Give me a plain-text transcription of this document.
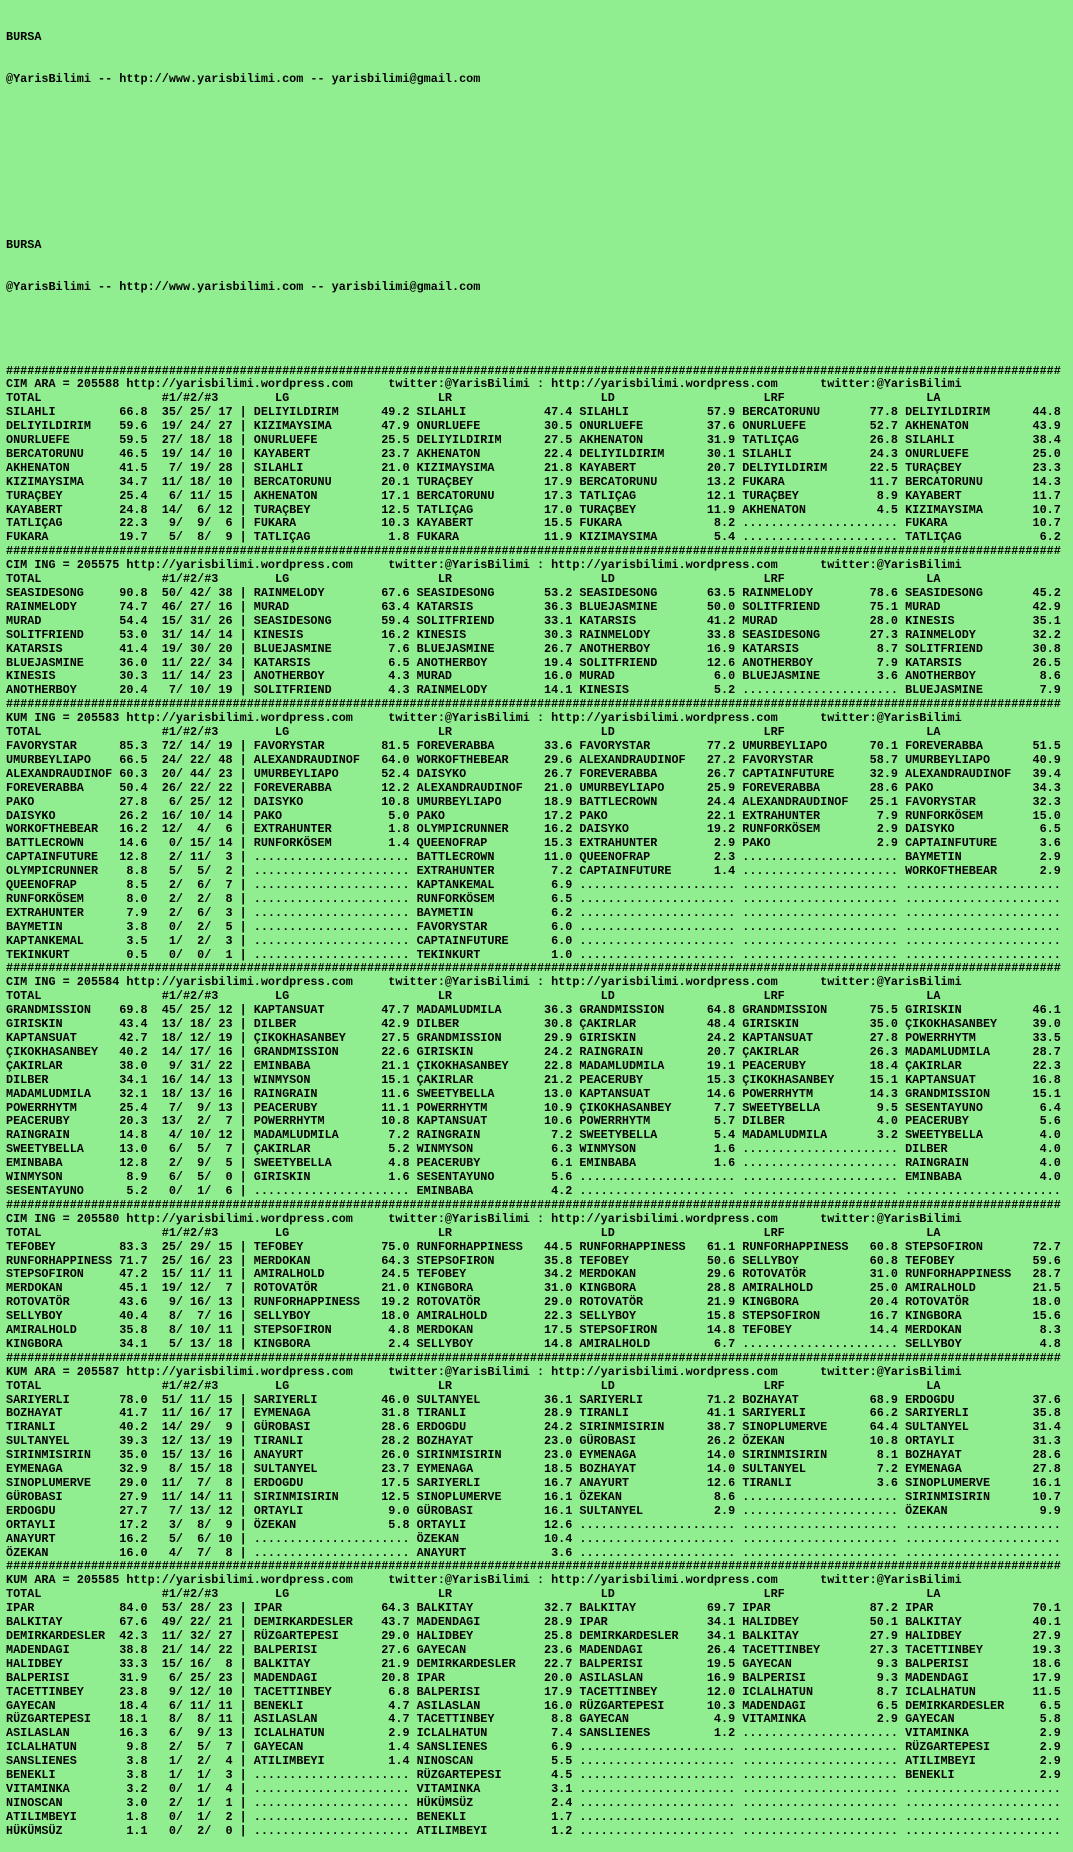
BURSA

@YarisBilimi -- http://www.yarisbilimi.com -- yarisbilimi@gmail.com

BURSA

@YarisBilimi -- http://www.yarisbilimi.com -- yarisbilimi@gmail.com

#####################################################################################################################################################
CIM ARA = 205588 http://yarisbilimi.wordpress.com     twitter:@YarisBilimi : http://yarisbilimi.wordpress.com      twitter:@YarisBilimi
TOTAL                 #1/#2/#3        LG                     LR                     LD                     LRF                    LA
SILAHLI         66.8  35/ 25/ 17 | DELIYILDIRIM      49.2 SILAHLI           47.4 SILAHLI           57.9 BERCATORUNU       77.8 DELIYILDIRIM      44.8
DELIYILDIRIM    59.6  19/ 24/ 27 | KIZIMAYSIMA       47.9 ONURLUEFE         30.5 ONURLUEFE         37.6 ONURLUEFE         52.7 AKHENATON         43.9
ONURLUEFE       59.5  27/ 18/ 18 | ONURLUEFE         25.5 DELIYILDIRIM      27.5 AKHENATON         31.9 TATLIÇAG          26.8 SILAHLI           38.4
BERCATORUNU     46.5  19/ 14/ 10 | KAYABERT          23.7 AKHENATON         22.4 DELIYILDIRIM      30.1 SILAHLI           24.3 ONURLUEFE         25.0
AKHENATON       41.5   7/ 19/ 28 | SILAHLI           21.0 KIZIMAYSIMA       21.8 KAYABERT          20.7 DELIYILDIRIM      22.5 TURAÇBEY          23.3
KIZIMAYSIMA     34.7  11/ 18/ 10 | BERCATORUNU       20.1 TURAÇBEY          17.9 BERCATORUNU       13.2 FUKARA            11.7 BERCATORUNU       14.3
TURAÇBEY        25.4   6/ 11/ 15 | AKHENATON         17.1 BERCATORUNU       17.3 TATLIÇAG          12.1 TURAÇBEY           8.9 KAYABERT          11.7
KAYABERT        24.8  14/  6/ 12 | TURAÇBEY          12.5 TATLIÇAG          17.0 TURAÇBEY          11.9 AKHENATON          4.5 KIZIMAYSIMA       10.7
TATLIÇAG        22.3   9/  9/  6 | FUKARA            10.3 KAYABERT          15.5 FUKARA             8.2 ...................... FUKARA            10.7
FUKARA          19.7   5/  8/  9 | TATLIÇAG           1.8 FUKARA            11.9 KIZIMAYSIMA        5.4 ...................... TATLIÇAG           6.2
#####################################################################################################################################################
CIM ING = 205575 http://yarisbilimi.wordpress.com     twitter:@YarisBilimi : http://yarisbilimi.wordpress.com      twitter:@YarisBilimi
TOTAL                 #1/#2/#3        LG                     LR                     LD                     LRF                    LA
SEASIDESONG     90.8  50/ 42/ 38 | RAINMELODY        67.6 SEASIDESONG       53.2 SEASIDESONG       63.5 RAINMELODY        78.6 SEASIDESONG       45.2
RAINMELODY      74.7  46/ 27/ 16 | MURAD             63.4 KATARSIS          36.3 BLUEJASMINE       50.0 SOLITFRIEND       75.1 MURAD             42.9
MURAD           54.4  15/ 31/ 26 | SEASIDESONG       59.4 SOLITFRIEND       33.1 KATARSIS          41.2 MURAD             28.0 KINESIS           35.1
SOLITFRIEND     53.0  31/ 14/ 14 | KINESIS           16.2 KINESIS           30.3 RAINMELODY        33.8 SEASIDESONG       27.3 RAINMELODY        32.2
KATARSIS        41.4  19/ 30/ 20 | BLUEJASMINE        7.6 BLUEJASMINE       26.7 ANOTHERBOY        16.9 KATARSIS           8.7 SOLITFRIEND       30.8
BLUEJASMINE     36.0  11/ 22/ 34 | KATARSIS           6.5 ANOTHERBOY        19.4 SOLITFRIEND       12.6 ANOTHERBOY         7.9 KATARSIS          26.5
KINESIS         30.3  11/ 14/ 23 | ANOTHERBOY         4.3 MURAD             16.0 MURAD              6.0 BLUEJASMINE        3.6 ANOTHERBOY         8.6
ANOTHERBOY      20.4   7/ 10/ 19 | SOLITFRIEND        4.3 RAINMELODY        14.1 KINESIS            5.2 ...................... BLUEJASMINE        7.9
#####################################################################################################################################################
KUM ING = 205583 http://yarisbilimi.wordpress.com     twitter:@YarisBilimi : http://yarisbilimi.wordpress.com      twitter:@YarisBilimi
TOTAL                 #1/#2/#3        LG                     LR                     LD                     LRF                    LA
FAVORYSTAR      85.3  72/ 14/ 19 | FAVORYSTAR        81.5 FOREVERABBA       33.6 FAVORYSTAR        77.2 UMURBEYLIAPO      70.1 FOREVERABBA       51.5
UMURBEYLIAPO    66.5  24/ 22/ 48 | ALEXANDRAUDINOF   64.0 WORKOFTHEBEAR     29.6 ALEXANDRAUDINOF   27.2 FAVORYSTAR        58.7 UMURBEYLIAPO      40.9
ALEXANDRAUDINOF 60.3  20/ 44/ 23 | UMURBEYLIAPO      52.4 DAISYKO           26.7 FOREVERABBA       26.7 CAPTAINFUTURE     32.9 ALEXANDRAUDINOF   39.4
FOREVERABBA     50.4  26/ 22/ 22 | FOREVERABBA       12.2 ALEXANDRAUDINOF   21.0 UMURBEYLIAPO      25.9 FOREVERABBA       28.6 PAKO              34.3
PAKO            27.8   6/ 25/ 12 | DAISYKO           10.8 UMURBEYLIAPO      18.9 BATTLECROWN       24.4 ALEXANDRAUDINOF   25.1 FAVORYSTAR        32.3
DAISYKO         26.2  16/ 10/ 14 | PAKO               5.0 PAKO              17.2 PAKO              22.1 EXTRAHUNTER        7.9 RUNFORKÖSEM       15.0
WORKOFTHEBEAR   16.2  12/  4/  6 | EXTRAHUNTER        1.8 OLYMPICRUNNER     16.2 DAISYKO           19.2 RUNFORKÖSEM        2.9 DAISYKO            6.5
BATTLECROWN     14.6   0/ 15/ 14 | RUNFORKÖSEM        1.4 QUEENOFRAP        15.3 EXTRAHUNTER        2.9 PAKO               2.9 CAPTAINFUTURE      3.6
CAPTAINFUTURE   12.8   2/ 11/  3 | ...................... BATTLECROWN       11.0 QUEENOFRAP         2.3 ...................... BAYMETIN           2.9
OLYMPICRUNNER    8.8   5/  5/  2 | ...................... EXTRAHUNTER        7.2 CAPTAINFUTURE      1.4 ...................... WORKOFTHEBEAR      2.9
QUEENOFRAP       8.5   2/  6/  7 | ...................... KAPTANKEMAL        6.9 ...................... ...................... ......................
RUNFORKÖSEM      8.0   2/  2/  8 | ...................... RUNFORKÖSEM        6.5 ...................... ...................... ......................
EXTRAHUNTER      7.9   2/  6/  3 | ...................... BAYMETIN           6.2 ...................... ...................... ......................
BAYMETIN         3.8   0/  2/  5 | ...................... FAVORYSTAR         6.0 ...................... ...................... ......................
KAPTANKEMAL      3.5   1/  2/  3 | ...................... CAPTAINFUTURE      6.0 ...................... ...................... ......................
TEKINKURT        0.5   0/  0/  1 | ...................... TEKINKURT          1.0 ...................... ...................... ......................
#####################################################################################################################################################
CIM ING = 205584 http://yarisbilimi.wordpress.com     twitter:@YarisBilimi : http://yarisbilimi.wordpress.com      twitter:@YarisBilimi
TOTAL                 #1/#2/#3        LG                     LR                     LD                     LRF                    LA
GRANDMISSION    69.8  45/ 25/ 12 | KAPTANSUAT        47.7 MADAMLUDMILA      36.3 GRANDMISSION      64.8 GRANDMISSION      75.5 GIRISKIN          46.1
GIRISKIN        43.4  13/ 18/ 23 | DILBER            42.9 DILBER            30.8 ÇAKIRLAR          48.4 GIRISKIN          35.0 ÇIKOKHASANBEY     39.0
KAPTANSUAT      42.7  18/ 12/ 19 | ÇIKOKHASANBEY     27.5 GRANDMISSION      29.9 GIRISKIN          24.2 KAPTANSUAT        27.8 POWERRHYTM        33.5
ÇIKOKHASANBEY   40.2  14/ 17/ 16 | GRANDMISSION      22.6 GIRISKIN          24.2 RAINGRAIN         20.7 ÇAKIRLAR          26.3 MADAMLUDMILA      28.7
ÇAKIRLAR        38.0   9/ 31/ 22 | EMINBABA          21.1 ÇIKOKHASANBEY     22.8 MADAMLUDMILA      19.1 PEACERUBY         18.4 ÇAKIRLAR          22.3
DILBER          34.1  16/ 14/ 13 | WINMYSON          15.1 ÇAKIRLAR          21.2 PEACERUBY         15.3 ÇIKOKHASANBEY     15.1 KAPTANSUAT        16.8
MADAMLUDMILA    32.1  18/ 13/ 16 | RAINGRAIN         11.6 SWEETYBELLA       13.0 KAPTANSUAT        14.6 POWERRHYTM        14.3 GRANDMISSION      15.1
POWERRHYTM      25.4   7/  9/ 13 | PEACERUBY         11.1 POWERRHYTM        10.9 ÇIKOKHASANBEY      7.7 SWEETYBELLA        9.5 SESENTAYUNO        6.4
PEACERUBY       20.3  13/  2/  7 | POWERRHYTM        10.8 KAPTANSUAT        10.6 POWERRHYTM         5.7 DILBER             4.0 PEACERUBY          5.6
RAINGRAIN       14.8   4/ 10/ 12 | MADAMLUDMILA       7.2 RAINGRAIN          7.2 SWEETYBELLA        5.4 MADAMLUDMILA       3.2 SWEETYBELLA        4.0
SWEETYBELLA     13.0   6/  5/  7 | ÇAKIRLAR           5.2 WINMYSON           6.3 WINMYSON           1.6 ...................... DILBER             4.0
EMINBABA        12.8   2/  9/  5 | SWEETYBELLA        4.8 PEACERUBY          6.1 EMINBABA           1.6 ...................... RAINGRAIN          4.0
WINMYSON         8.9   6/  5/  0 | GIRISKIN           1.6 SESENTAYUNO        5.6 ...................... ...................... EMINBABA           4.0
SESENTAYUNO      5.2   0/  1/  6 | ...................... EMINBABA           4.2 ...................... ...................... ......................
#####################################################################################################################################################
CIM ING = 205580 http://yarisbilimi.wordpress.com     twitter:@YarisBilimi : http://yarisbilimi.wordpress.com      twitter:@YarisBilimi
TOTAL                 #1/#2/#3        LG                     LR                     LD                     LRF                    LA
TEFOBEY         83.3  25/ 29/ 15 | TEFOBEY           75.0 RUNFORHAPPINESS   44.5 RUNFORHAPPINESS   61.1 RUNFORHAPPINESS   60.8 STEPSOFIRON       72.7
RUNFORHAPPINESS 71.7  25/ 16/ 23 | MERDOKAN          64.3 STEPSOFIRON       35.8 TEFOBEY           50.6 SELLYBOY          60.8 TEFOBEY           59.6
STEPSOFIRON     47.2  15/ 11/ 11 | AMIRALHOLD        24.5 TEFOBEY           34.2 MERDOKAN          29.6 ROTOVATÖR         31.0 RUNFORHAPPINESS   28.7
MERDOKAN        45.1  19/ 12/  7 | ROTOVATÖR         21.0 KINGBORA          31.0 KINGBORA          28.8 AMIRALHOLD        25.0 AMIRALHOLD        21.5
ROTOVATÖR       43.6   9/ 16/ 13 | RUNFORHAPPINESS   19.2 ROTOVATÖR         29.0 ROTOVATÖR         21.9 KINGBORA          20.4 ROTOVATÖR         18.0
SELLYBOY        40.4   8/  7/ 16 | SELLYBOY          18.0 AMIRALHOLD        22.3 SELLYBOY          15.8 STEPSOFIRON       16.7 KINGBORA          15.6
AMIRALHOLD      35.8   8/ 10/ 11 | STEPSOFIRON        4.8 MERDOKAN          17.5 STEPSOFIRON       14.8 TEFOBEY           14.4 MERDOKAN           8.3
KINGBORA        34.1   5/ 13/ 18 | KINGBORA           2.4 SELLYBOY          14.8 AMIRALHOLD         6.7 ...................... SELLYBOY           4.8
#####################################################################################################################################################
KUM ARA = 205587 http://yarisbilimi.wordpress.com     twitter:@YarisBilimi : http://yarisbilimi.wordpress.com      twitter:@YarisBilimi
TOTAL                 #1/#2/#3        LG                     LR                     LD                     LRF                    LA
SARIYERLI       78.0  51/ 11/ 15 | SARIYERLI         46.0 SULTANYEL         36.1 SARIYERLI         71.2 BOZHAYAT          68.9 ERDOGDU           37.6
BOZHAYAT        41.7  11/ 16/ 17 | EYMENAGA          31.8 TIRANLI           28.9 TIRANLI           41.1 SARIYERLI         66.2 SARIYERLI         35.8
TIRANLI         40.2  14/ 29/  9 | GÜROBASI          28.6 ERDOGDU           24.2 SIRINMISIRIN      38.7 SINOPLUMERVE      64.4 SULTANYEL         31.4
SULTANYEL       39.3  12/ 13/ 19 | TIRANLI           28.2 BOZHAYAT          23.0 GÜROBASI          26.2 ÖZEKAN            10.8 ORTAYLI           31.3
SIRINMISIRIN    35.0  15/ 13/ 16 | ANAYURT           26.0 SIRINMISIRIN      23.0 EYMENAGA          14.0 SIRINMISIRIN       8.1 BOZHAYAT          28.6
EYMENAGA        32.9   8/ 15/ 18 | SULTANYEL         23.7 EYMENAGA          18.5 BOZHAYAT          14.0 SULTANYEL          7.2 EYMENAGA          27.8
SINOPLUMERVE    29.0  11/  7/  8 | ERDOGDU           17.5 SARIYERLI         16.7 ANAYURT           12.6 TIRANLI            3.6 SINOPLUMERVE      16.1
GÜROBASI        27.9  11/ 14/ 11 | SIRINMISIRIN      12.5 SINOPLUMERVE      16.1 ÖZEKAN             8.6 ...................... SIRINMISIRIN      10.7
ERDOGDU         27.7   7/ 13/ 12 | ORTAYLI            9.0 GÜROBASI          16.1 SULTANYEL          2.9 ...................... ÖZEKAN             9.9
ORTAYLI         17.2   3/  8/  9 | ÖZEKAN             5.8 ORTAYLI           12.6 ...................... ...................... ......................
ANAYURT         16.2   5/  6/ 10 | ...................... ÖZEKAN            10.4 ...................... ...................... ......................
ÖZEKAN          16.0   4/  7/  8 | ...................... ANAYURT            3.6 ...................... ...................... ......................
#####################################################################################################################################################
KUM ARA = 205585 http://yarisbilimi.wordpress.com     twitter:@YarisBilimi : http://yarisbilimi.wordpress.com      twitter:@YarisBilimi
TOTAL                 #1/#2/#3        LG                     LR                     LD                     LRF                    LA
IPAR            84.0  53/ 28/ 23 | IPAR              64.3 BALKITAY          32.7 BALKITAY          69.7 IPAR              87.2 IPAR              70.1
BALKITAY        67.6  49/ 22/ 21 | DEMIRKARDESLER    43.7 MADENDAGI         28.9 IPAR              34.1 HALIDBEY          50.1 BALKITAY          40.1
DEMIRKARDESLER  42.3  11/ 32/ 27 | RÜZGARTEPESI      29.0 HALIDBEY          25.8 DEMIRKARDESLER    34.1 BALKITAY          27.9 HALIDBEY          27.9
MADENDAGI       38.8  21/ 14/ 22 | BALPERISI         27.6 GAYECAN           23.6 MADENDAGI         26.4 TACETTINBEY       27.3 TACETTINBEY       19.3
HALIDBEY        33.3  15/ 16/  8 | BALKITAY          21.9 DEMIRKARDESLER    22.7 BALPERISI         19.5 GAYECAN            9.3 BALPERISI         18.6
BALPERISI       31.9   6/ 25/ 23 | MADENDAGI         20.8 IPAR              20.0 ASILASLAN         16.9 BALPERISI          9.3 MADENDAGI         17.9
TACETTINBEY     23.8   9/ 12/ 10 | TACETTINBEY        6.8 BALPERISI         17.9 TACETTINBEY       12.0 ICLALHATUN         8.7 ICLALHATUN        11.5
GAYECAN         18.4   6/ 11/ 11 | BENEKLI            4.7 ASILASLAN         16.0 RÜZGARTEPESI      10.3 MADENDAGI          6.5 DEMIRKARDESLER     6.5
RÜZGARTEPESI    18.1   8/  8/ 11 | ASILASLAN          4.7 TACETTINBEY        8.8 GAYECAN            4.9 VITAMINKA          2.9 GAYECAN            5.8
ASILASLAN       16.3   6/  9/ 13 | ICLALHATUN         2.9 ICLALHATUN         7.4 SANSLIENES         1.2 ...................... VITAMINKA          2.9
ICLALHATUN       9.8   2/  5/  7 | GAYECAN            1.4 SANSLIENES         6.9 ...................... ...................... RÜZGARTEPESI       2.9
SANSLIENES       3.8   1/  2/  4 | ATILIMBEYI         1.4 NINOSCAN           5.5 ...................... ...................... ATILIMBEYI         2.9
BENEKLI          3.8   1/  1/  3 | ...................... RÜZGARTEPESI       4.5 ...................... ...................... BENEKLI            2.9
VITAMINKA        3.2   0/  1/  4 | ...................... VITAMINKA          3.1 ...................... ...................... ......................
NINOSCAN         3.0   2/  1/  1 | ...................... HÜKÜMSÜZ           2.4 ...................... ...................... ......................
ATILIMBEYI       1.8   0/  1/  2 | ...................... BENEKLI            1.7 ...................... ...................... ......................
HÜKÜMSÜZ         1.1   0/  2/  0 | ...................... ATILIMBEYI         1.2 ...................... ...................... ......................
